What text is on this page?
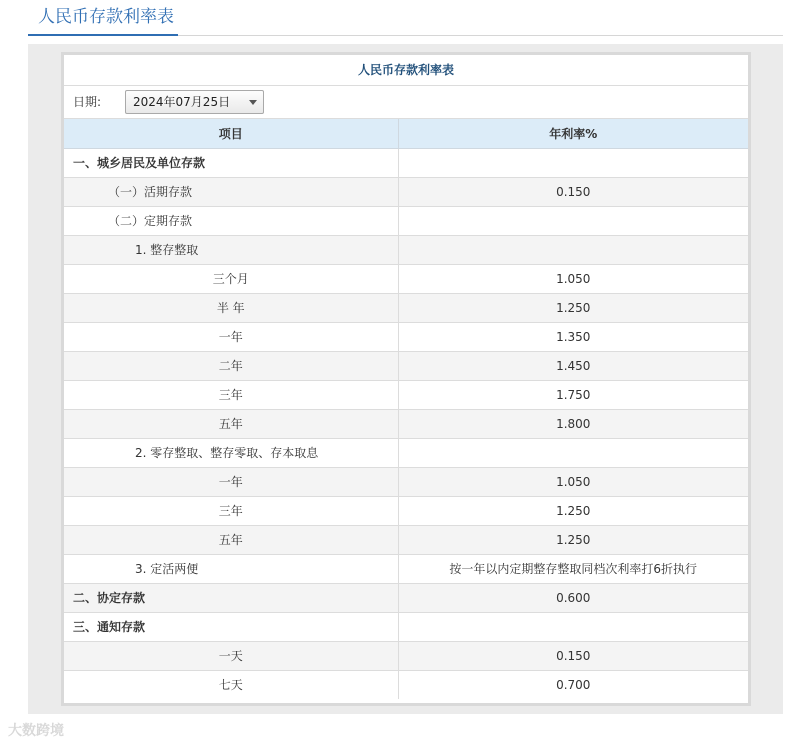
人民币存款利率表
人民币存款利率表
日期:	2024年07月25日
项目	年利率%
一、城乡居民及单位存款	
（一）活期存款	0.150
（二）定期存款	
1. 整存整取	
三个月	1.050
半 年	1.250
一年	1.350
二年	1.450
三年	1.750
五年	1.800
2. 零存整取、整存零取、存本取息	
一年	1.050
三年	1.250
五年	1.250
3. 定活两便	按一年以内定期整存整取同档次利率打6折执行
二、协定存款	0.600
三、通知存款	
一天	0.150
七天	0.700
大数跨境
